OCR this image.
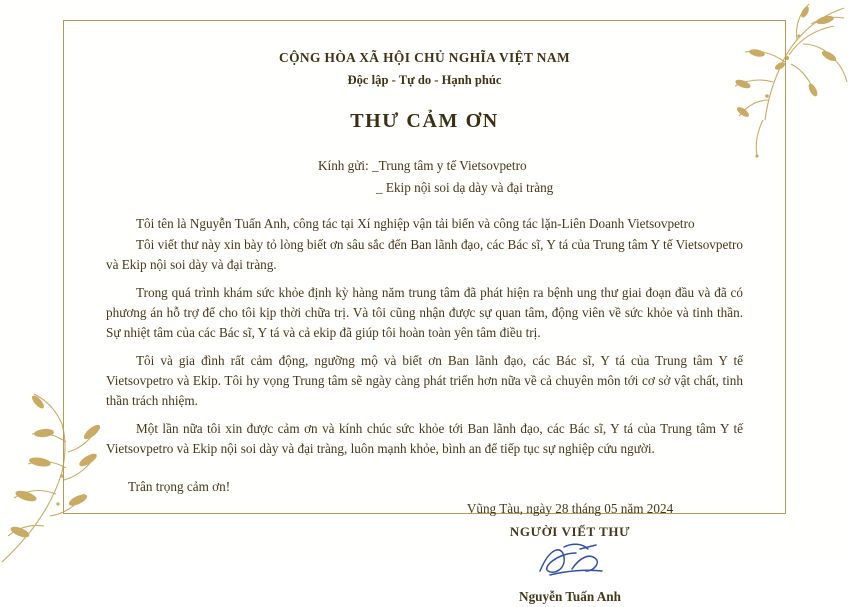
CỘNG HÒA XÃ HỘI CHỦ NGHĨA VIỆT NAM
Độc lập - Tự do - Hạnh phúc
THƯ CẢM ƠN
Kính gửi: _Trung tâm y tế Vietsovpetro
_ Ekip nội soi dạ dày và đại tràng

Tôi tên là Nguyễn Tuấn Anh, công tác tại Xí nghiệp vận tải biển và công tác lặn-Liên Doanh Vietsovpetro

Tôi viết thư này xin bày tỏ lòng biết ơn sâu sắc đến Ban lãnh đạo, các Bác sĩ, Y tá của Trung tâm Y tế Vietsovpetro và Ekip nội soi dày và đại tràng.

Trong quá trình khám sức khỏe định kỳ hàng năm trung tâm đã phát hiện ra bệnh ung thư giai đoạn đầu và đã có phương án hỗ trợ để cho tôi kịp thời chữa trị. Và tôi cũng nhận được sự quan tâm, động viên về sức khỏe và tinh thần. Sự nhiệt tâm của các Bác sĩ, Y tá và cả ekip đã giúp tôi hoàn toàn yên tâm điều trị.

Tôi và gia đình rất cảm động, ngưỡng mộ và biết ơn Ban lãnh đạo, các Bác sĩ, Y tá của Trung tâm Y tế Vietsovpetro và Ekip. Tôi hy vọng Trung tâm sẽ ngày càng phát triển hơn nữa về cả chuyên môn tới cơ sở vật chất, tinh thần trách nhiệm.

Một lần nữa tôi xin được cảm ơn và kính chúc sức khỏe tới Ban lãnh đạo, các Bác sĩ, Y tá của Trung tâm Y tế Vietsovpetro và Ekip nội soi dày và đại tràng, luôn mạnh khỏe, bình an để tiếp tục sự nghiệp cứu người.

Trân trọng cảm ơn!
Vũng Tàu, ngày 28 tháng 05 năm 2024
NGƯỜI VIẾT THƯ
Nguyễn Tuấn Anh
